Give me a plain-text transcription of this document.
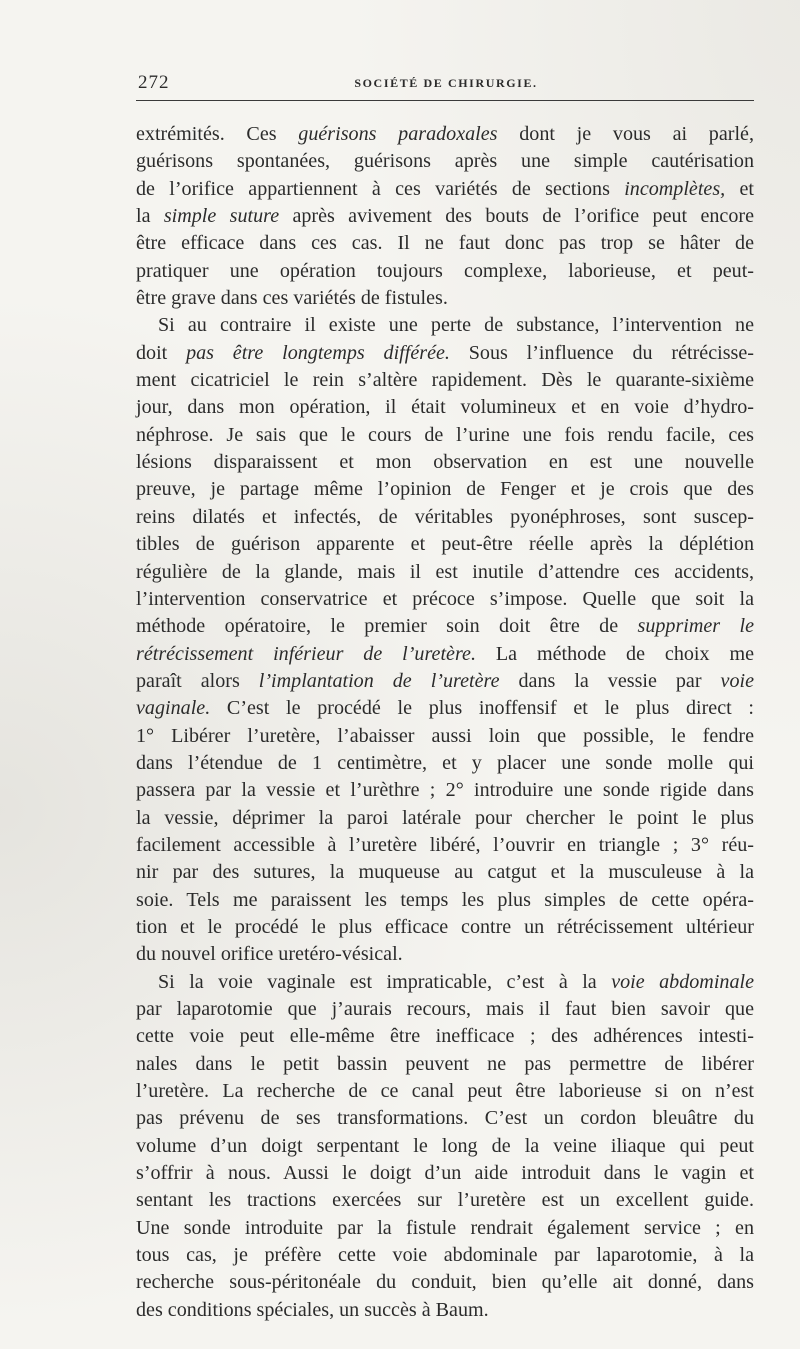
272	SOCIÉTÉ DE CHIRURGIE.
extrémités. Ces guérisons paradoxales dont je vous ai parlé,
guérisons spontanées, guérisons après une simple cautérisation
de l’orifice appartiennent à ces variétés de sections incomplètes, et
la simple suture après avivement des bouts de l’orifice peut encore
être efficace dans ces cas. Il ne faut donc pas trop se hâter de
pratiquer une opération toujours complexe, laborieuse, et peut-
être grave dans ces variétés de fistules.
Si au contraire il existe une perte de substance, l’intervention ne
doit pas être longtemps différée. Sous l’influence du rétrécisse-
ment cicatriciel le rein s’altère rapidement. Dès le quarante-sixième
jour, dans mon opération, il était volumineux et en voie d’hydro-
néphrose. Je sais que le cours de l’urine une fois rendu facile, ces
lésions disparaissent et mon observation en est une nouvelle
preuve, je partage même l’opinion de Fenger et je crois que des
reins dilatés et infectés, de véritables pyonéphroses, sont suscep-
tibles de guérison apparente et peut-être réelle après la déplétion
régulière de la glande, mais il est inutile d’attendre ces accidents,
l’intervention conservatrice et précoce s’impose. Quelle que soit la
méthode opératoire, le premier soin doit être de supprimer le
rétrécissement inférieur de l’uretère. La méthode de choix me
paraît alors l’implantation de l’uretère dans la vessie par voie
vaginale. C’est le procédé le plus inoffensif et le plus direct :
1° Libérer l’uretère, l’abaisser aussi loin que possible, le fendre
dans l’étendue de 1 centimètre, et y placer une sonde molle qui
passera par la vessie et l’urèthre ; 2° introduire une sonde rigide dans
la vessie, déprimer la paroi latérale pour chercher le point le plus
facilement accessible à l’uretère libéré, l’ouvrir en triangle ; 3° réu-
nir par des sutures, la muqueuse au catgut et la musculeuse à la
soie. Tels me paraissent les temps les plus simples de cette opéra-
tion et le procédé le plus efficace contre un rétrécissement ultérieur
du nouvel orifice uretéro-vésical.
Si la voie vaginale est impraticable, c’est à la voie abdominale
par laparotomie que j’aurais recours, mais il faut bien savoir que
cette voie peut elle-même être inefficace ; des adhérences intesti-
nales dans le petit bassin peuvent ne pas permettre de libérer
l’uretère. La recherche de ce canal peut être laborieuse si on n’est
pas prévenu de ses transformations. C’est un cordon bleuâtre du
volume d’un doigt serpentant le long de la veine iliaque qui peut
s’offrir à nous. Aussi le doigt d’un aide introduit dans le vagin et
sentant les tractions exercées sur l’uretère est un excellent guide.
Une sonde introduite par la fistule rendrait également service ; en
tous cas, je préfère cette voie abdominale par laparotomie, à la
recherche sous-péritonéale du conduit, bien qu’elle ait donné, dans
des conditions spéciales, un succès à Baum.
